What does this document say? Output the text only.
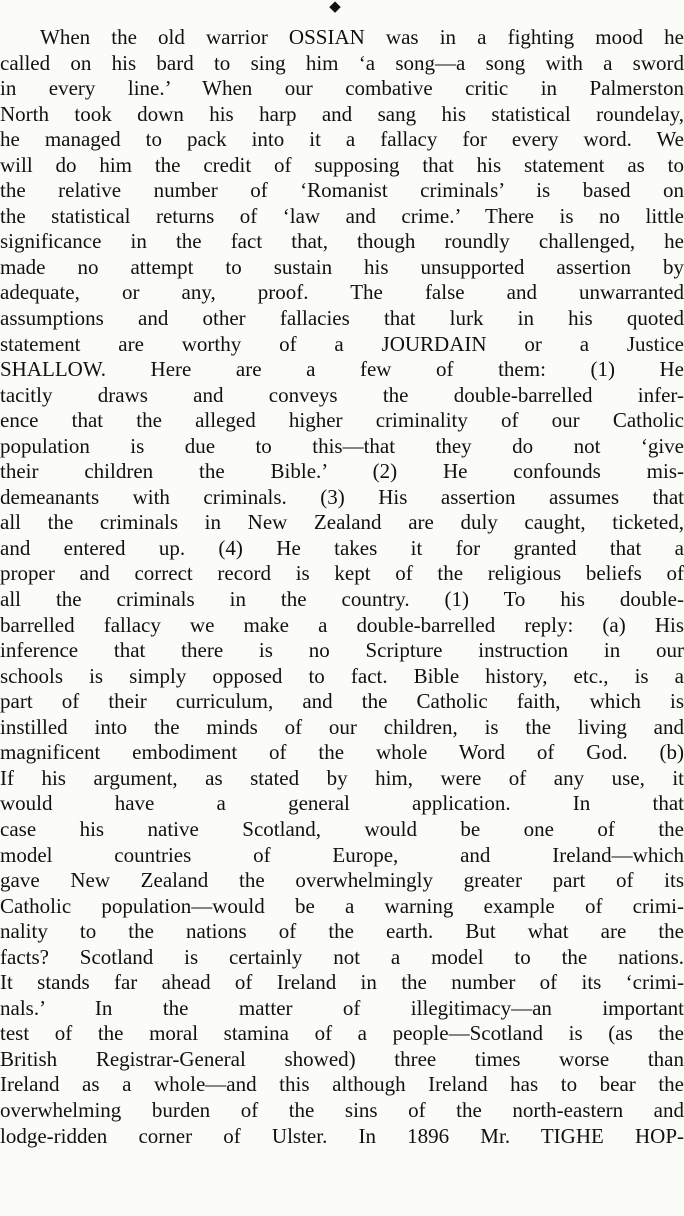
◆
When the old warrior OSSIAN was in a fighting mood he
called on his bard to sing him ‘a song—a song with a sword
in every line.’ When our combative critic in Palmerston
North took down his harp and sang his statistical roundelay,
he managed to pack into it a fallacy for every word. We
will do him the credit of supposing that his statement as to
the relative number of ‘Romanist criminals’ is based on
the statistical returns of ‘law and crime.’ There is no little
significance in the fact that, though roundly challenged, he
made no attempt to sustain his unsupported assertion by
adequate, or any, proof. The false and unwarranted
assumptions and other fallacies that lurk in his quoted
statement are worthy of a JOURDAIN or a Justice
SHALLOW. Here are a few of them: (1) He
tacitly draws and conveys the double-barrelled infer-
ence that the alleged higher criminality of our Catholic
population is due to this—that they do not ‘give
their children the Bible.’ (2) He confounds mis-
demeanants with criminals. (3) His assertion assumes that
all the criminals in New Zealand are duly caught, ticketed,
and entered up. (4) He takes it for granted that a
proper and correct record is kept of the religious beliefs of
all the criminals in the country. (1) To his double-
barrelled fallacy we make a double-barrelled reply: (a) His
inference that there is no Scripture instruction in our
schools is simply opposed to fact. Bible history, etc., is a
part of their curriculum, and the Catholic faith, which is
instilled into the minds of our children, is the living and
magnificent embodiment of the whole Word of God. (b)
If his argument, as stated by him, were of any use, it
would have a general application. In that
case his native Scotland, would be one of the
model countries of Europe, and Ireland—which
gave New Zealand the overwhelmingly greater part of its
Catholic population—would be a warning example of crimi-
nality to the nations of the earth. But what are the
facts? Scotland is certainly not a model to the nations.
It stands far ahead of Ireland in the number of its ‘crimi-
nals.’ In the matter of illegitimacy—an important
test of the moral stamina of a people—Scotland is (as the
British Registrar-General showed) three times worse than
Ireland as a whole—and this although Ireland has to bear the
overwhelming burden of the sins of the north-eastern and
lodge-ridden corner of Ulster. In 1896 Mr. TIGHE HOP-
